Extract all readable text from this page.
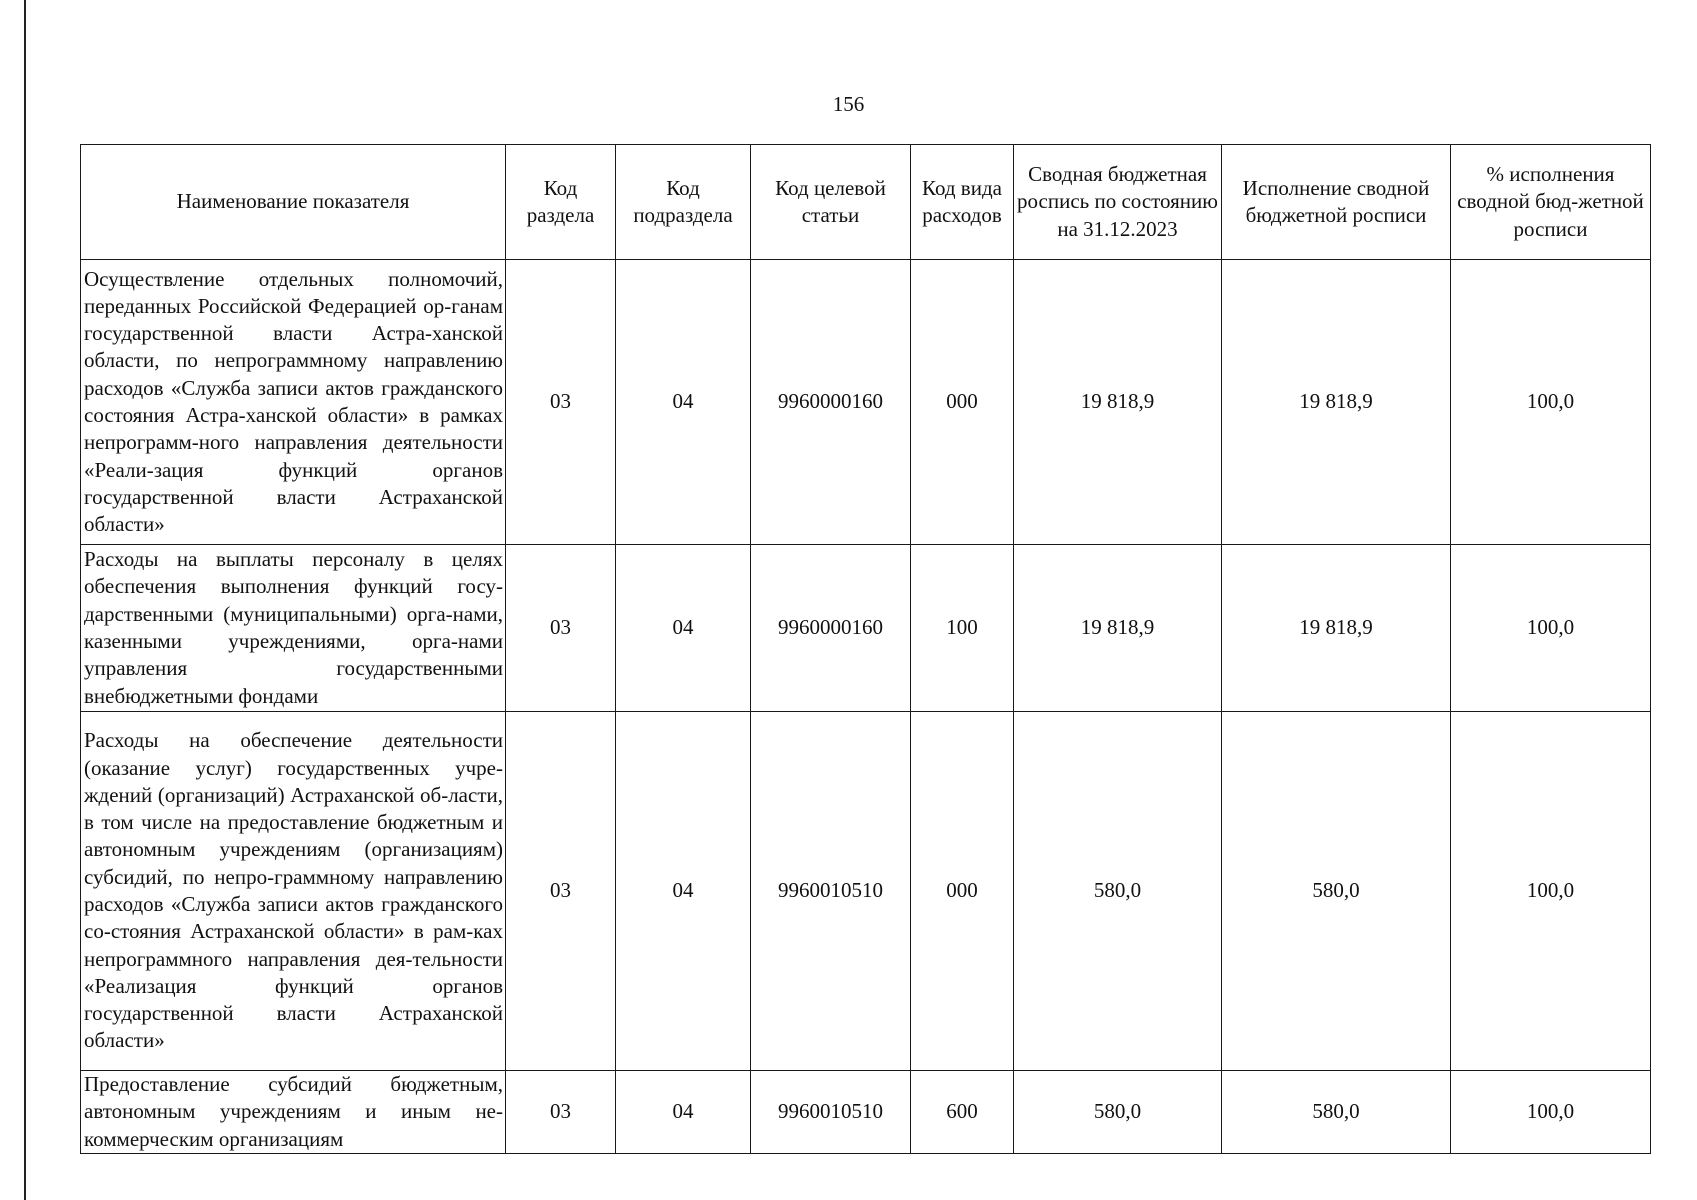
156
Наименование показателя	Код раздела	Код подраздела	Код целевой статьи	Код вида расходов	Сводная бюджетная роспись по состоянию на 31.12.2023	Исполнение сводной бюджетной росписи	% исполнения сводной бюд-жетной росписи
Осуществление отдельных полномочий, переданных Российской Федерацией ор-ганам государственной власти Астра-ханской области, по непрограммному направлению расходов «Служба записи актов гражданского состояния Астра-ханской области» в рамках непрограмм-ного направления деятельности «Реали-зация функций органов государственной власти Астраханской области»	03	04	9960000160	000	19 818,9	19 818,9	100,0
Расходы на выплаты персоналу в целях обеспечения выполнения функций госу-дарственными (муниципальными) орга-нами, казенными учреждениями, орга-нами управления государственными внебюджетными фондами	03	04	9960000160	100	19 818,9	19 818,9	100,0
Расходы на обеспечение деятельности (оказание услуг) государственных учре-ждений (организаций) Астраханской об-ласти, в том числе на предоставление бюджетным и автономным учреждениям (организациям) субсидий, по непро-граммному направлению расходов «Служба записи актов гражданского со-стояния Астраханской области» в рам-ках непрограммного направления дея-тельности «Реализация функций органов государственной власти Астраханской области»	03	04	9960010510	000	580,0	580,0	100,0
Предоставление субсидий бюджетным, автономным учреждениям и иным не-коммерческим организациям	03	04	9960010510	600	580,0	580,0	100,0
